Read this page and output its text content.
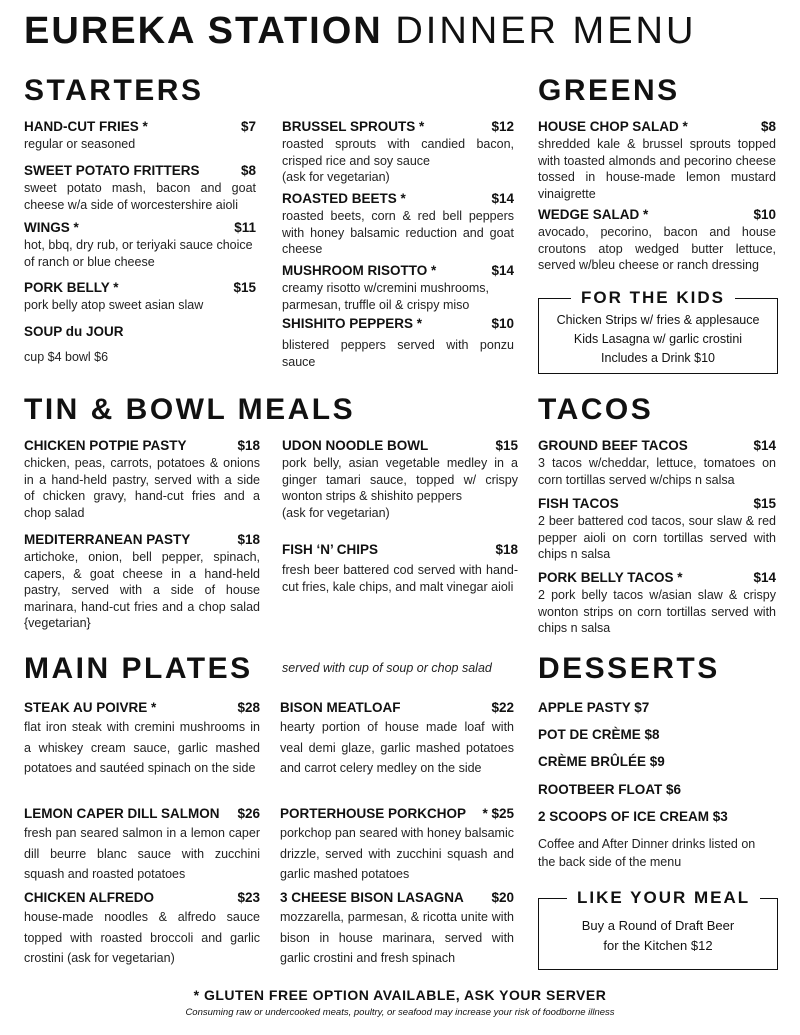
EUREKA STATION DINNER MENU
STARTERS
HAND-CUT FRIES *	$7
regular or seasoned
SWEET POTATO FRITTERS	$8
sweet potato mash, bacon and goat cheese w/a side of worcestershire aioli
WINGS *	$11
hot, bbq, dry rub, or teriyaki sauce choice of ranch or blue cheese
PORK BELLY *	$15
pork belly atop sweet asian slaw
SOUP du JOUR
cup $4 bowl $6
BRUSSEL SPROUTS *	$12
roasted sprouts with candied bacon, crisped rice and soy sauce
(ask for vegetarian)
ROASTED BEETS *	$14
roasted beets, corn & red bell peppers with honey balsamic reduction and goat cheese
MUSHROOM RISOTTO *	$14
creamy risotto w/cremini mushrooms, parmesan, truffle oil & crispy miso
SHISHITO PEPPERS *	$10
blistered peppers served with ponzu sauce
GREENS
HOUSE CHOP SALAD *	$8
shredded kale & brussel sprouts topped with toasted almonds and pecorino cheese tossed in house-made lemon mustard vinaigrette
WEDGE SALAD *	$10
avocado, pecorino, bacon and house croutons atop wedged butter lettuce, served w/bleu cheese or ranch dressing
Chicken Strips w/ fries & applesauce
Kids Lasagna w/ garlic crostini
Includes a Drink $10
FOR THE KIDS
TIN & BOWL MEALS
CHICKEN POTPIE PASTY	$18
chicken, peas, carrots, potatoes & onions in a hand-held pastry, served with a side of chicken gravy, hand-cut fries and a chop salad
MEDITERRANEAN PASTY	$18
artichoke, onion, bell pepper, spinach, capers, & goat cheese in a hand-held pastry, served with a side of house marinara, hand-cut fries and a chop salad {vegetarian}
UDON NOODLE BOWL	$15
pork belly, asian vegetable medley in a ginger tamari sauce, topped w/ crispy wonton strips & shishito peppers
(ask for vegetarian)
FISH ‘N’ CHIPS	$18
fresh beer battered cod served with hand-cut fries, kale chips, and malt vinegar aioli
TACOS
GROUND BEEF TACOS	$14
3 tacos w/cheddar, lettuce, tomatoes on corn tortillas served w/chips n salsa
FISH TACOS	$15
2 beer battered cod tacos, sour slaw & red pepper aioli on corn tortillas served with chips n salsa
PORK BELLY TACOS *	$14
2 pork belly tacos w/asian slaw & crispy wonton strips on corn tortillas served with chips n salsa
MAIN PLATES served with cup of soup or chop salad
STEAK AU POIVRE *	$28
flat iron steak with cremini mushrooms in a whiskey cream sauce, garlic mashed potatoes and sautéed spinach on the side
LEMON CAPER DILL SALMON $26
fresh pan seared salmon in a lemon caper dill beurre blanc sauce with zucchini squash and roasted potatoes
CHICKEN ALFREDO	$23
house-made noodles & alfredo sauce topped with roasted broccoli and garlic crostini (ask for vegetarian)
BISON MEATLOAF	$22
hearty portion of house made loaf with veal demi glaze, garlic mashed potatoes and carrot celery medley on the side
PORTERHOUSE PORKCHOP * $25
porkchop pan seared with honey balsamic drizzle, served with zucchini squash and garlic mashed potatoes
3 CHEESE BISON LASAGNA $20
mozzarella, parmesan, & ricotta unite with bison in house marinara, served with garlic crostini and fresh spinach
DESSERTS
APPLE PASTY $7
POT DE CRÈME $8
CRÈME BRÛLÉE $9
ROOTBEER FLOAT $6
2 SCOOPS OF ICE CREAM $3
Coffee and After Dinner drinks listed on the back side of the menu
Buy a Round of Draft Beer
for the Kitchen $12
LIKE YOUR MEAL
* GLUTEN FREE OPTION AVAILABLE, ASK YOUR SERVER
Consuming raw or undercooked meats, poultry, or seafood may increase your risk of foodborne illness
